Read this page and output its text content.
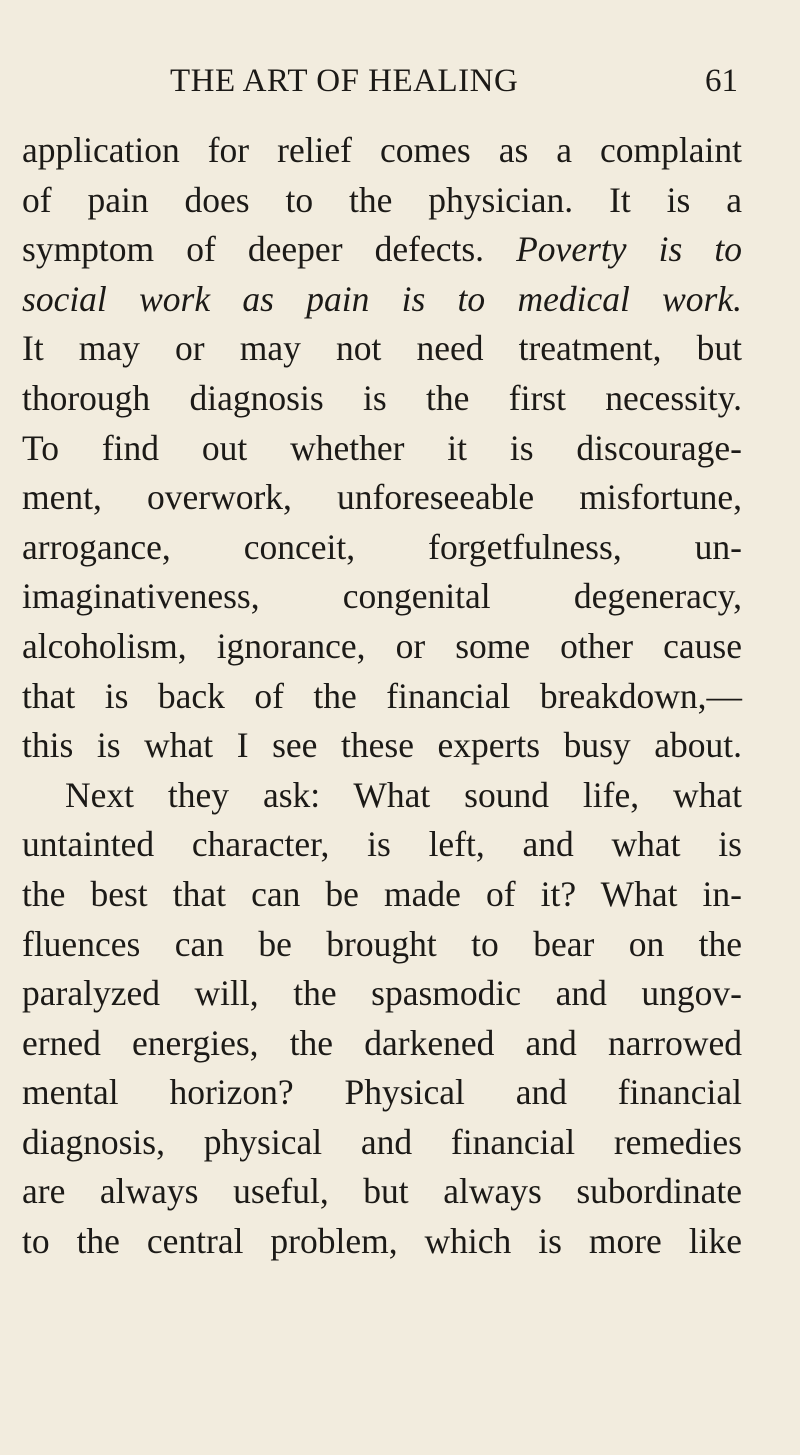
THE ART OF HEALING	61
application for relief comes as a complaint
of pain does to the physician. It is a
symptom of deeper defects. Poverty is to
social work as pain is to medical work.
It may or may not need treatment, but
thorough diagnosis is the first necessity.
To find out whether it is discourage-
ment, overwork, unforeseeable misfortune,
arrogance, conceit, forgetfulness, un-
imaginativeness, congenital degeneracy,
alcoholism, ignorance, or some other cause
that is back of the financial breakdown,—
this is what I see these experts busy about.
Next they ask: What sound life, what
untainted character, is left, and what is
the best that can be made of it? What in-
fluences can be brought to bear on the
paralyzed will, the spasmodic and ungov-
erned energies, the darkened and narrowed
mental horizon? Physical and financial
diagnosis, physical and financial remedies
are always useful, but always subordinate
to the central problem, which is more like
